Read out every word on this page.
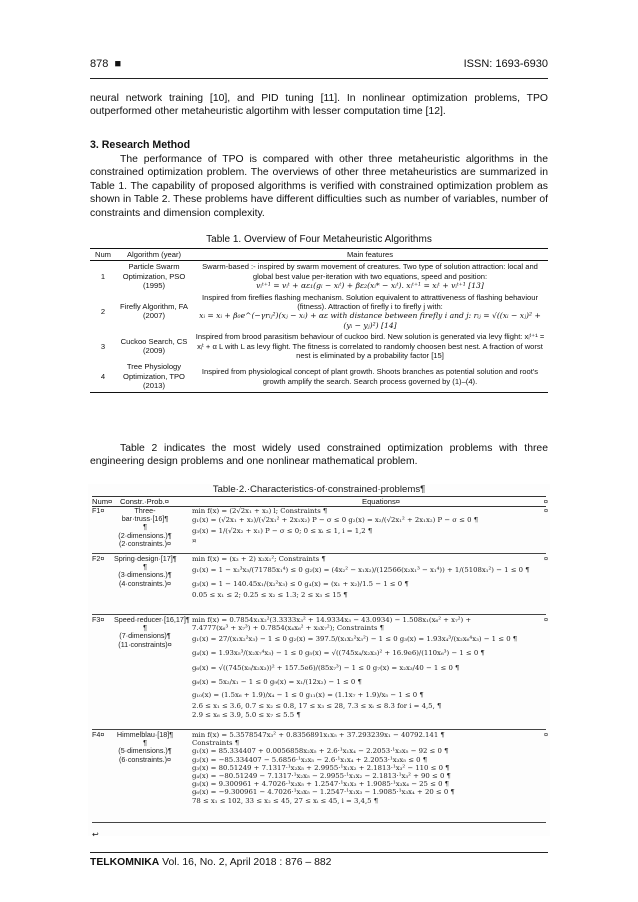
878 ■	ISSN: 1693-6930

neural network training [10], and PID tuning [11]. In nonlinear optimization problems, TPO outperformed other metaheuristic algortihm with lesser computation time [12].

3. Research Method

The performance of TPO is compared with other three metaheuristic algorithms in the constrained optimization problem. The overviews of other three metaheuristics are summarized in Table 1. The capability of proposed algorithms is verified with constrained optimization problem as shown in Table 2. These problems have different difficulties such as number of variables, number of constraints and dimension complexity.

Table 1. Overview of Four Metaheuristic Algorithms
Num	Algorithm (year)	Main features
1	Particle Swarm Optimization, PSO (1995)	Swarm-based :- inspired by swarm movement of creatures. Two type of solution attraction: local and global best value per-iteration with two equations, speed and position:
vᵢᵗ⁺¹ = vᵢᵗ + αε₁(gᵢ − xᵢᵗ) + βε₂(xᵢ* − xᵢᵗ). xᵢᵗ⁺¹ = xᵢᵗ + vᵢᵗ⁺¹ [13]
2	Firefly Algorithm, FA (2007)	Inspired from fireflies flashing mechanism. Solution equivalent to attrattiveness of flashing behaviour (fitness). Attraction of firefly i to firefly j with:
xᵢ = xᵢ + β₀e^(−γrᵢⱼ²)(xⱼ − xᵢ) + αε with distance between firefly i and j: rᵢⱼ = √((xᵢ − xⱼ)² + (yᵢ − yⱼ)²) [14]
3	Cuckoo Search, CS (2009)	Inspired from brood parasitism behaviour of cuckoo bird. New solution is generated via levy flight: xᵢᵗ⁺¹ = xᵢᵗ + α L with L as levy flight. The fitness is correlated to randomly choosen best nest. A fraction of worst nest is eliminated by a probability factor [15]
4	Tree Physiology Optimization, TPO (2013)	Inspired from physiological concept of plant growth. Shoots branches as potential solution and root's growth amplify the search. Search process governed by (1)–(4).

Table 2 indicates the most widely used constrained optimization problems with three engineering design problems and one nonlinear mathematical problem.

Table·2.·Characteristics·of·constrained·problems¶
Num¤ Constr.·Prob.¤	Equations¤	¤
F1¤	Three-bar·truss·[16]¶
¶
(2·dimensions.)¶
(2·constraints.)¤
min f(x) = (2√2x₁ + x₂) l; Constraints ¶
g₁(x) = (√2x₁ + x₂)/(√2x₁² + 2x₁x₂) P − σ ≤ 0 g₂(x) = x₂/(√2x₁² + 2x₁x₂) P − σ ≤ 0 ¶
g₃(x) = 1/(√2x₂ + x₁) P − σ ≤ 0; 0 ≤ xᵢ ≤ 1, i = 1,2 ¶
¤
¤
F2¤ Spring·design·[17]¶
¶
(3·dimensions.)¶
(4·constraints.)¤
min f(x) = (x₃ + 2) x₂x₁²; Constraints ¶
g₁(x) = 1 − x₂³x₃/(71785x₁⁴) ≤ 0 g₂(x) = (4x₂² − x₁x₂)/(12566(x₂x₁³ − x₁⁴)) + 1/(5108x₁²) − 1 ≤ 0 ¶
g₃(x) = 1 − 140.45x₁/(x₂²x₃) ≤ 0 g₄(x) = (x₁ + x₂)/1.5 − 1 ≤ 0 ¶
0.05 ≤ x₁ ≤ 2; 0.25 ≤ x₂ ≤ 1.3; 2 ≤ x₃ ≤ 15 ¶
¤
F3¤ Speed·reducer·[16,17]¶
¶
(7·dimensions)¶
(11·constraints)¤
min f(x) = 0.7854x₁x₂²(3.3333x₃² + 14.9334x₃ − 43.0934) − 1.508x₁(x₆² + x₇²) +
7.4777(x₆³ + x₇³) + 0.7854(x₄x₆² + x₅x₇²); Constraints ¶
g₁(x) = 27/(x₁x₂²x₃) − 1 ≤ 0 g₂(x) = 397.5/(x₁x₂²x₃²) − 1 ≤ 0 g₃(x) = 1.93x₄³/(x₂x₆⁴x₃) − 1 ≤ 0 ¶
g₄(x) = 1.93x₅³/(x₂x₇⁴x₃) − 1 ≤ 0 g₅(x) = √((745x₄/x₂x₃)² + 16.9e6)/(110x₆³) − 1 ≤ 0 ¶
g₆(x) = √((745(x₅/x₂x₃))² + 157.5e6)/(85x₇³) − 1 ≤ 0 g₇(x) = x₂x₃/40 − 1 ≤ 0 ¶
g₈(x) = 5x₂/x₁ − 1 ≤ 0 g₉(x) = x₁/(12x₂) − 1 ≤ 0 ¶
g₁₀(x) = (1.5x₆ + 1.9)/x₄ − 1 ≤ 0 g₁₁(x) = (1.1x₇ + 1.9)/x₅ − 1 ≤ 0 ¶
2.6 ≤ x₁ ≤ 3.6, 0.7 ≤ x₂ ≤ 0.8, 17 ≤ x₃ ≤ 28, 7.3 ≤ xᵢ ≤ 8.3 for i = 4,5, ¶
2.9 ≤ x₆ ≤ 3.9, 5.0 ≤ x₇ ≤ 5.5 ¶
¤
F4¤	Himmelblau·[18]¶
¶
(5·dimensions.)¶
(6·constraints.)¤
min f(x) = 5.3578547x₃² + 0.8356891x₁x₅ + 37.293239x₁ − 40792.141 ¶
Constraints ¶
g₁(x) = 85.334407 + 0.0056858x₂x₅ + 2.6·¹x₁x₄ − 2.2053·¹x₃x₅ − 92 ≤ 0 ¶
g₂(x) = −85.334407 − 5.6856·¹x₂x₅ − 2.6·¹x₁x₄ + 2.2053·¹x₃x₅ ≤ 0 ¶
g₃(x) = 80.51249 + 7.1317·¹x₂x₅ + 2.9955·¹x₁x₂ + 2.1813·¹x₃² − 110 ≤ 0 ¶
g₄(x) = −80.51249 − 7.1317·¹x₂x₅ − 2.9955·¹x₁x₂ − 2.1813·¹x₃² + 90 ≤ 0 ¶
g₅(x) = 9.300961 + 4.7026·¹x₃x₅ + 1.2547·¹x₁x₃ + 1.9085·¹x₃x₄ − 25 ≤ 0 ¶
g₆(x) = −9.300961 − 4.7026·¹x₃x₅ − 1.2547·¹x₁x₃ − 1.9085·¹x₃x₄ + 20 ≤ 0 ¶
78 ≤ x₁ ≤ 102, 33 ≤ x₂ ≤ 45, 27 ≤ xᵢ ≤ 45, i = 3,4,5 ¶
¤
↩
TELKOMNIKA Vol. 16, No. 2, April 2018 : 876 – 882
